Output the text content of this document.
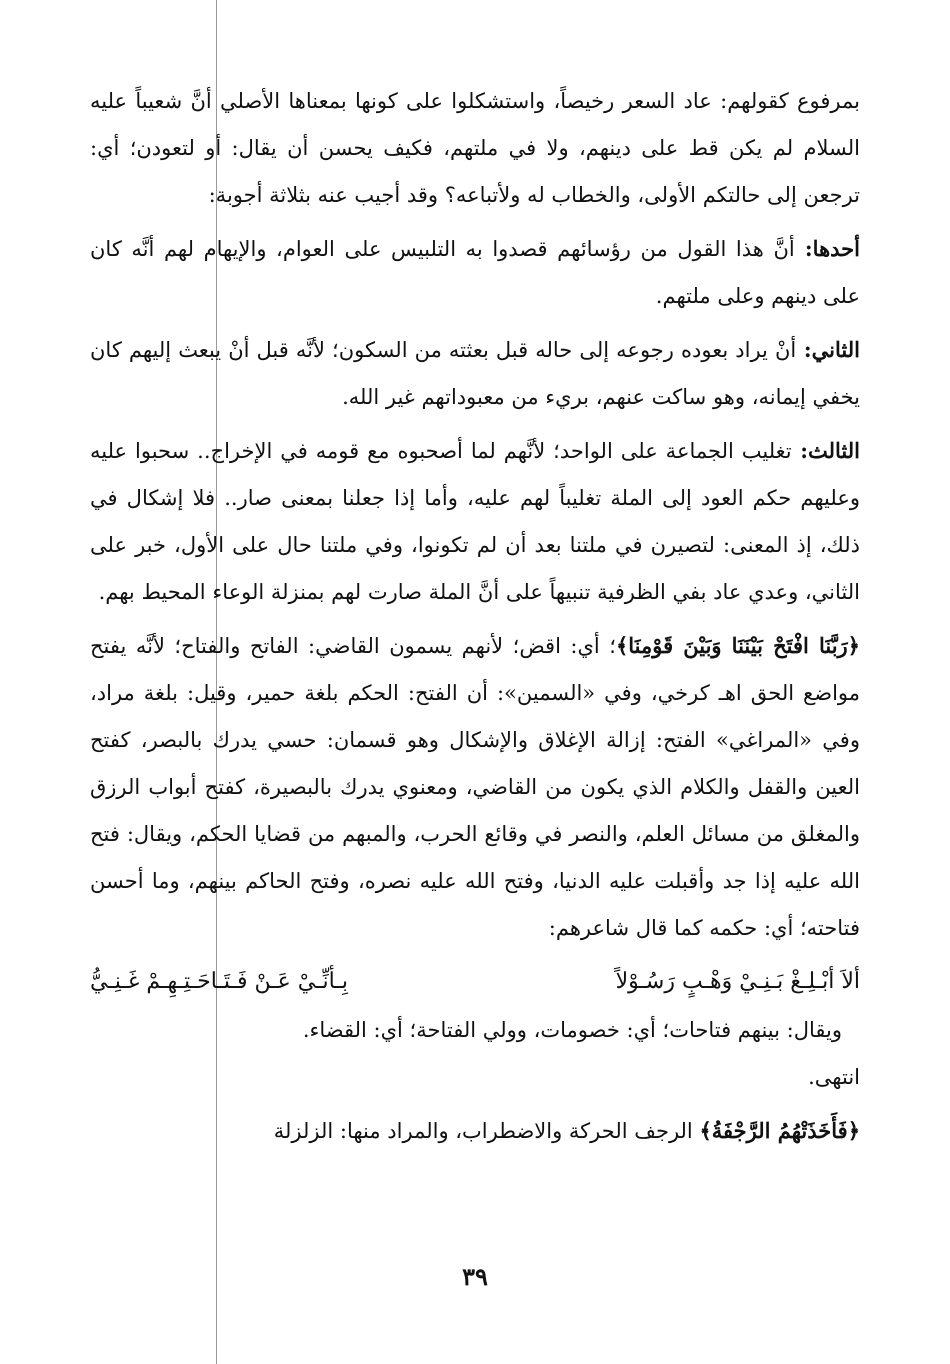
بمرفوع كقولهم: عاد السعر رخيصاً، واستشكلوا على كونها بمعناها الأصلي أنَّ شعيباً عليه السلام لم يكن قط على دينهم، ولا في ملتهم، فكيف يحسن أن يقال: أو لتعودن؛ أي: ترجعن إلى حالتكم الأولى، والخطاب له ولأتباعه؟ وقد أجيب عنه بثلاثة أجوبة:

أحدها: أنَّ هذا القول من رؤسائهم قصدوا به التلبيس على العوام، والإيهام لهم أنَّه كان على دينهم وعلى ملتهم.

الثاني: أنْ يراد بعوده رجوعه إلى حاله قبل بعثته من السكون؛ لأنَّه قبل أنْ يبعث إليهم كان يخفي إيمانه، وهو ساكت عنهم، بريء من معبوداتهم غير الله.

الثالث: تغليب الجماعة على الواحد؛ لأنَّهم لما أصحبوه مع قومه في الإخراج.. سحبوا عليه وعليهم حكم العود إلى الملة تغليباً لهم عليه، وأما إذا جعلنا بمعنى صار.. فلا إشكال في ذلك، إذ المعنى: لتصيرن في ملتنا بعد أن لم تكونوا، وفي ملتنا حال على الأول، خبر على الثاني، وعدي عاد بفي الظرفية تنبيهاً على أنَّ الملة صارت لهم بمنزلة الوعاء المحيط بهم.

﴿رَبَّنَا افْتَحْ بَيْنَنَا وَبَيْنَ قَوْمِنَا﴾؛ أي: اقض؛ لأنهم يسمون القاضي: الفاتح والفتاح؛ لأنَّه يفتح مواضع الحق اهـ كرخي، وفي «السمين»: أن الفتح: الحكم بلغة حمير، وقيل: بلغة مراد، وفي «المراغي» الفتح: إزالة الإغلاق والإشكال وهو قسمان: حسي يدرك بالبصر، كفتح العين والقفل والكلام الذي يكون من القاضي، ومعنوي يدرك بالبصيرة، كفتح أبواب الرزق والمغلق من مسائل العلم، والنصر في وقائع الحرب، والمبهم من قضايا الحكم، ويقال: فتح الله عليه إذا جد وأقبلت عليه الدنيا، وفتح الله عليه نصره، وفتح الحاكم بينهم، وما أحسن فتاحته؛ أي: حكمه كما قال شاعرهم:

ألاَ أبْـلِـغْ بَـنِـيْ وَهْـبٍ رَسُـوْلاً
بِـأنِّـيْ عَـنْ فَـتَـاحَـتِـهِـمْ غَـنِـيُّ

ويقال: بينهم فتاحات؛ أي: خصومات، وولي الفتاحة؛ أي: القضاء.

انتهى.

﴿فَأَخَذَتْهُمُ الرَّجْفَةُ﴾ الرجف الحركة والاضطراب، والمراد منها: الزلزلة

٣٩
